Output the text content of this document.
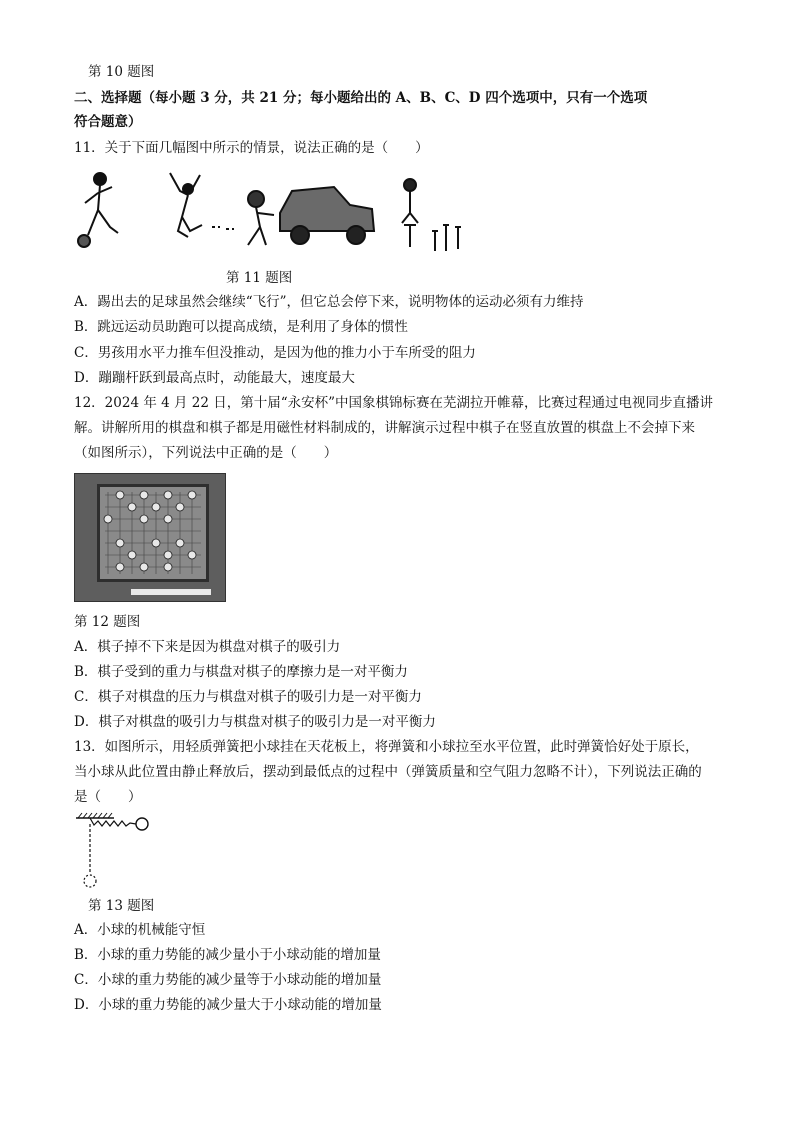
第 10 题图
二、选择题（每小题 3 分，共 21 分；每小题给出的 A、B、C、D 四个选项中，只有一个选项
符合题意）
11．关于下面几幅图中所示的情景，说法正确的是（　　）
第 11 题图
A．踢出去的足球虽然会继续“飞行”，但它总会停下来，说明物体的运动必须有力维持
B．跳远运动员助跑可以提高成绩，是利用了身体的惯性
C．男孩用水平力推车但没推动，是因为他的推力小于车所受的阻力
D．蹦蹦杆跃到最高点时，动能最大，速度最大
12．2024 年 4 月 22 日，第十届“永安杯”中国象棋锦标赛在芜湖拉开帷幕，比赛过程通过电视同步直播讲
解。讲解所用的棋盘和棋子都是用磁性材料制成的，讲解演示过程中棋子在竖直放置的棋盘上不会掉下来
（如图所示），下列说法中正确的是（　　）
第 12 题图
A．棋子掉不下来是因为棋盘对棋子的吸引力
B．棋子受到的重力与棋盘对棋子的摩擦力是一对平衡力
C．棋子对棋盘的压力与棋盘对棋子的吸引力是一对平衡力
D．棋子对棋盘的吸引力与棋盘对棋子的吸引力是一对平衡力
13．如图所示，用轻质弹簧把小球挂在天花板上，将弹簧和小球拉至水平位置，此时弹簧恰好处于原长，
当小球从此位置由静止释放后，摆动到最低点的过程中（弹簧质量和空气阻力忽略不计），下列说法正确的
是（　　）
第 13 题图
A．小球的机械能守恒
B．小球的重力势能的减少量小于小球动能的增加量
C．小球的重力势能的减少量等于小球动能的增加量
D．小球的重力势能的减少量大于小球动能的增加量
